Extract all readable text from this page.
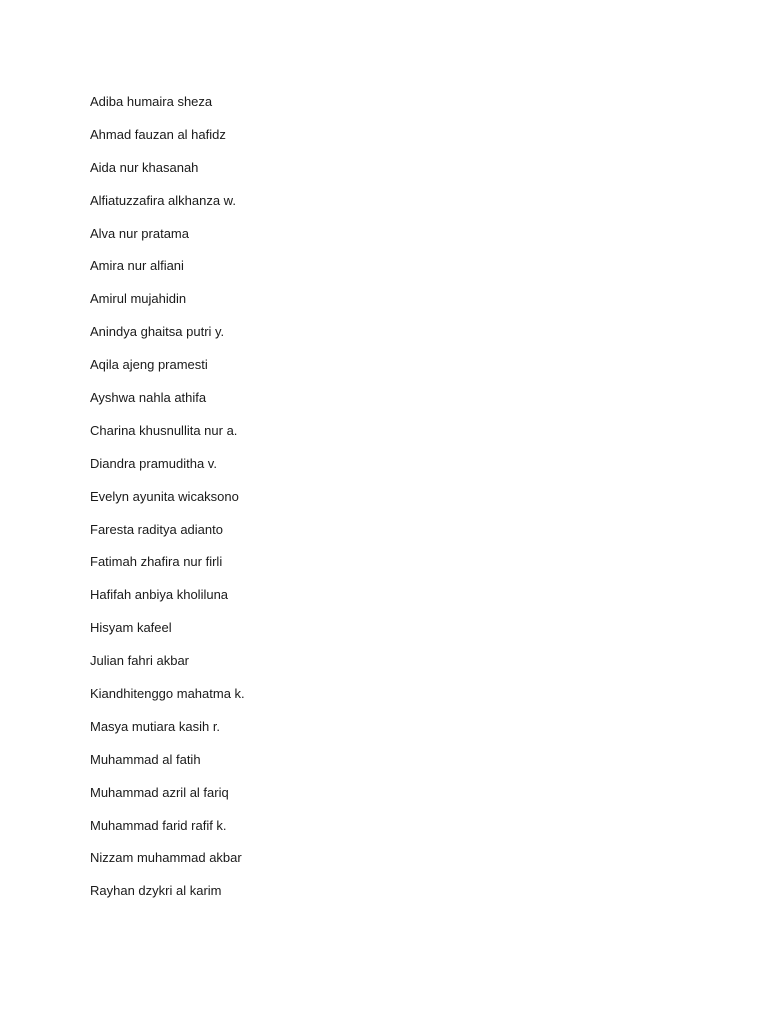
Adiba humaira sheza
Ahmad fauzan al hafidz
Aida nur khasanah
Alfiatuzzafira alkhanza w.
Alva nur pratama
Amira nur alfiani
Amirul mujahidin
Anindya ghaitsa putri y.
Aqila ajeng pramesti
Ayshwa nahla athifa
Charina khusnullita nur a.
Diandra pramuditha v.
Evelyn ayunita wicaksono
Faresta raditya adianto
Fatimah zhafira nur firli
Hafifah anbiya kholiluna
Hisyam kafeel
Julian fahri akbar
Kiandhitenggo mahatma k.
Masya mutiara kasih r.
Muhammad al fatih
Muhammad azril al fariq
Muhammad farid rafif k.
Nizzam muhammad akbar
Rayhan dzykri al karim
